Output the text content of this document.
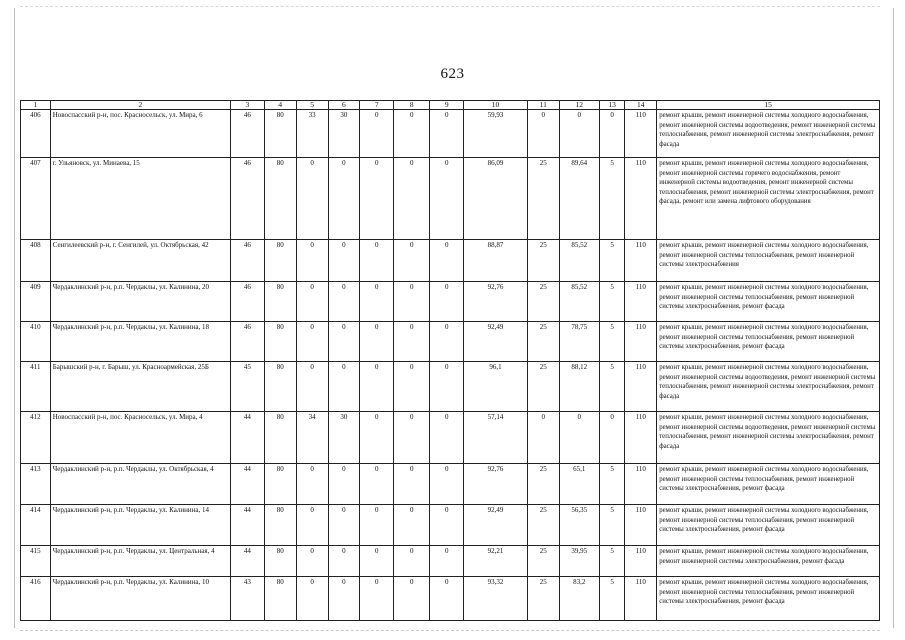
623
1	2	3	4	5	6	7	8	9	10	11	12	13	14	15
406	Новоспасский р-н, пос. Красносельск, ул. Мира, 6	46	80	33	30	0	0	0	59,93	0	0	0	110	ремонт крыши, ремонт инженерной системы холодного водоснабжения, ремонт инженерной системы водоотведения, ремонт инженерной системы теплоснабжения, ремонт инженерной системы электроснабжения, ремонт фасада
407	г. Ульяновск, ул. Минаева, 15	46	80	0	0	0	0	0	86,09	25	89,64	5	110	ремонт крыши, ремонт инженерной системы холодного водоснабжения, ремонт инженерной системы горячего водоснабжения, ремонт инженерной системы водоотведения, ремонт инженерной системы теплоснабжения, ремонт инженерной системы электроснабжения, ремонт фасада, ремонт или замена лифтового оборудования
408	Сенгилеевский р-н, г. Сенгилей, ул. Октябрьская, 42	46	80	0	0	0	0	0	88,87	25	85,52	5	110	ремонт крыши, ремонт инженерной системы холодного водоснабжения, ремонт инженерной системы теплоснабжения, ремонт инженерной системы электроснабжения
409	Чердаклинский р-н, р.п. Чердаклы, ул. Калинина, 20	46	80	0	0	0	0	0	92,76	25	85,52	5	110	ремонт крыши, ремонт инженерной системы холодного водоснабжения, ремонт инженерной системы теплоснабжения, ремонт инженерной системы электроснабжения, ремонт фасада
410	Чердаклинский р-н, р.п. Чердаклы, ул. Калинина, 18	46	80	0	0	0	0	0	92,49	25	78,75	5	110	ремонт крыши, ремонт инженерной системы холодного водоснабжения, ремонт инженерной системы теплоснабжения, ремонт инженерной системы электроснабжения, ремонт фасада
411	Барышский р-н, г. Барыш, ул. Красноармейская, 25Б	45	80	0	0	0	0	0	96,1	25	88,12	5	110	ремонт крыши, ремонт инженерной системы холодного водоснабжения, ремонт инженерной системы водоотведения, ремонт инженерной системы теплоснабжения, ремонт инженерной системы электроснабжения, ремонт фасада
412	Новоспасский р-н, пос. Красносельск, ул. Мира, 4	44	80	34	30	0	0	0	57,14	0	0	0	110	ремонт крыши, ремонт инженерной системы холодного водоснабжения, ремонт инженерной системы водоотведения, ремонт инженерной системы теплоснабжения, ремонт инженерной системы электроснабжения, ремонт фасада
413	Чердаклинский р-н, р.п. Чердаклы, ул. Октябрьская, 4	44	80	0	0	0	0	0	92,76	25	65,1	5	110	ремонт крыши, ремонт инженерной системы холодного водоснабжения, ремонт инженерной системы теплоснабжения, ремонт инженерной системы электроснабжения, ремонт фасада
414	Чердаклинский р-н, р.п. Чердаклы, ул. Калинина, 14	44	80	0	0	0	0	0	92,49	25	56,35	5	110	ремонт крыши, ремонт инженерной системы холодного водоснабжения, ремонт инженерной системы теплоснабжения, ремонт инженерной системы электроснабжения, ремонт фасада
415	Чердаклинский р-н, р.п. Чердаклы, ул. Центральная, 4	44	80	0	0	0	0	0	92,21	25	39,95	5	110	ремонт крыши, ремонт инженерной системы холодного водоснабжения, ремонт инженерной системы электроснабжения, ремонт фасада
416	Чердаклинский р-н, р.п. Чердаклы, ул. Калинина, 10	43	80	0	0	0	0	0	93,32	25	83,2	5	110	ремонт крыши, ремонт инженерной системы холодного водоснабжения, ремонт инженерной системы теплоснабжения, ремонт инженерной системы электроснабжения, ремонт фасада
